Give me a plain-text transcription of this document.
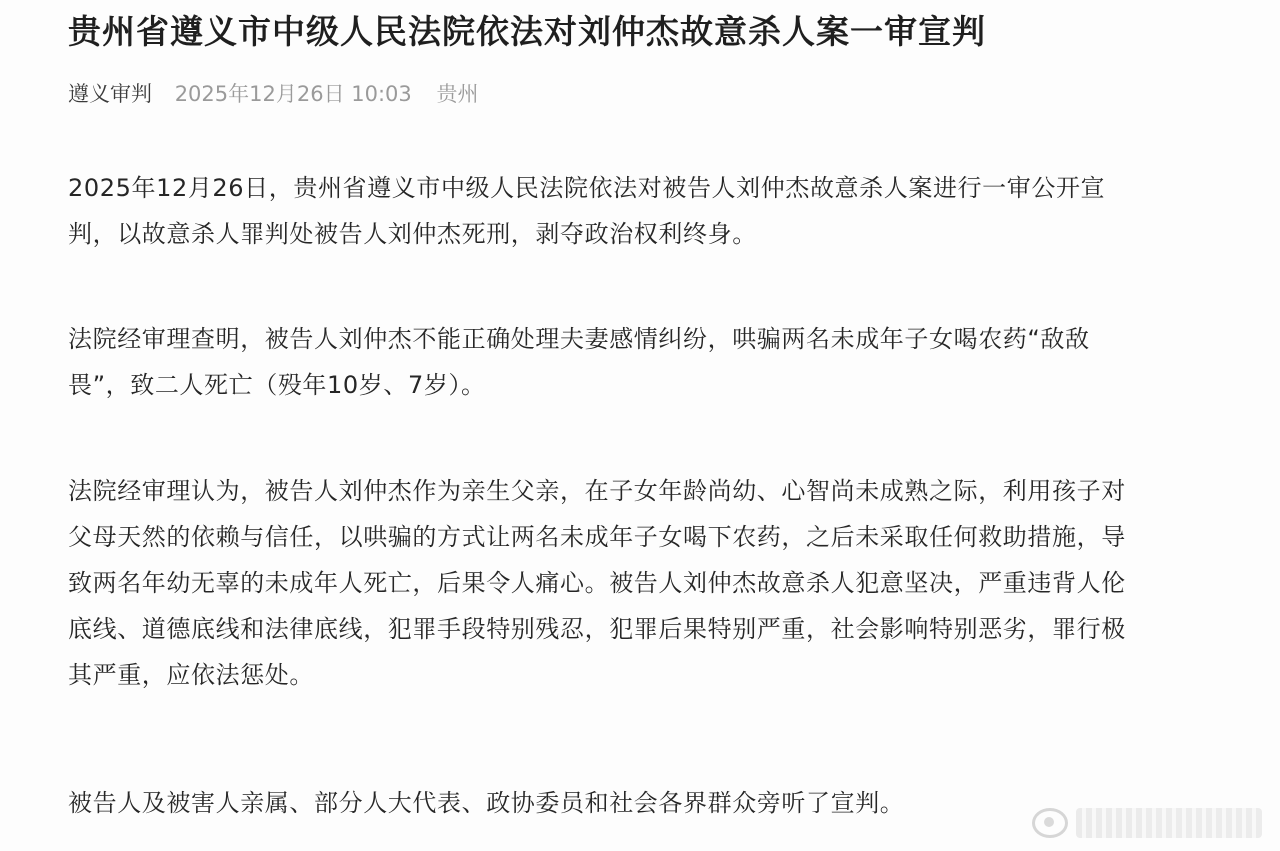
贵州省遵义市中级人民法院依法对刘仲杰故意杀人案一审宣判
遵义审判 2025年12月26日 10:03 贵州

2025年12月26日，贵州省遵义市中级人民法院依法对被告人刘仲杰故意杀人案进行一审公开宣判，以故意杀人罪判处被告人刘仲杰死刑，剥夺政治权利终身。

法院经审理查明，被告人刘仲杰不能正确处理夫妻感情纠纷，哄骗两名未成年子女喝农药“敌敌畏”，致二人死亡（殁年10岁、7岁）。

法院经审理认为，被告人刘仲杰作为亲生父亲，在子女年龄尚幼、心智尚未成熟之际，利用孩子对父母天然的依赖与信任，以哄骗的方式让两名未成年子女喝下农药，之后未采取任何救助措施，导致两名年幼无辜的未成年人死亡，后果令人痛心。被告人刘仲杰故意杀人犯意坚决，严重违背人伦底线、道德底线和法律底线，犯罪手段特别残忍，犯罪后果特别严重，社会影响特别恶劣，罪行极其严重，应依法惩处。

被告人及被害人亲属、部分人大代表、政协委员和社会各界群众旁听了宣判。
